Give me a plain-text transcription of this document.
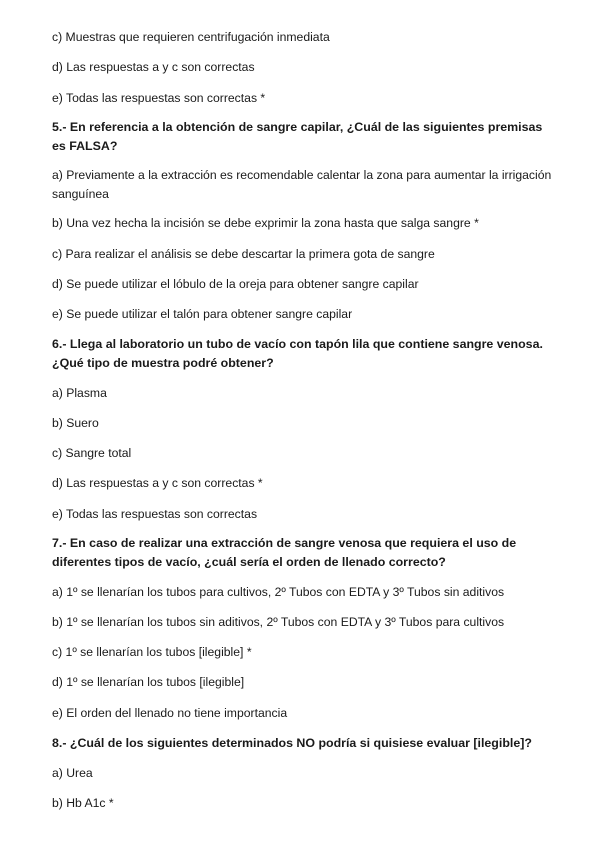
c) Muestras que requieren centrifugación inmediata
d) Las respuestas a y c son correctas
e) Todas las respuestas son correctas *
5.- En referencia a la obtención de sangre capilar, ¿Cuál de las siguientes premisas es FALSA?
a) Previamente a la extracción es recomendable calentar la zona para aumentar la irrigación sanguínea
b) Una vez hecha la incisión se debe exprimir la zona hasta que salga sangre *
c) Para realizar el análisis se debe descartar la primera gota de sangre
d) Se puede utilizar el lóbulo de la oreja para obtener sangre capilar
e) Se puede utilizar el talón para obtener sangre capilar
6.- Llega al laboratorio un tubo de vacío con tapón lila que contiene sangre venosa. ¿Qué tipo de muestra podré obtener?
a) Plasma
b) Suero
c) Sangre total
d) Las respuestas a y c son correctas *
e) Todas las respuestas son correctas
7.- En caso de realizar una extracción de sangre venosa que requiera el uso de diferentes tipos de vacío, ¿cuál sería el orden de llenado correcto?
a) 1º se llenarían los tubos para cultivos, 2º Tubos con EDTA y 3º Tubos sin aditivos
b) 1º se llenarían los tubos sin aditivos, 2º Tubos con EDTA y 3º Tubos para cultivos
c) 1º se llenarían los tubos [ilegible] *
d) 1º se llenarían los tubos [ilegible]
e) El orden del llenado no tiene importancia
8.- ¿Cuál de los siguientes determinados NO podría si quisiese evaluar [ilegible]?
a) Urea
b) Hb A1c *
